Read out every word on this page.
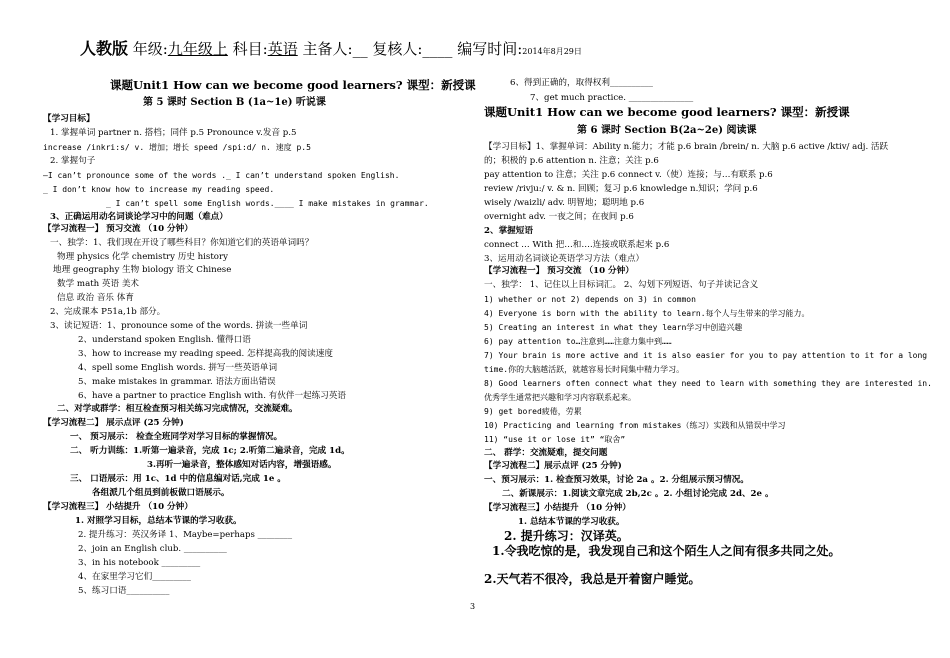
人教版 年级:九年级上 科目:英语 主备人:__ 复核人:____ 编写时间:2014年8月29日
课题Unit1 How can we become good learners? 课型：新授课
第 5 课时 Section B (1a~1e) 听说课
【学习目标】
1. 掌握单词 partner n. 搭档；同伴 p.5 Pronounce v.发音 p.5
increase /inkri:s/ v. 增加；增长 speed /spi:d/ n. 速度 p.5
2. 掌握句子
—I can’t pronounce some of the words ._ I can’t understand spoken English.
_ I don’t know how to increase my reading speed.
_ I can’t spell some English words.____ I make mistakes in grammar.
3、正确运用动名词谈论学习中的问题（难点）
【学习流程一】 预习交流 （10 分钟）
一、独学：1、我们现在开设了哪些科目？你知道它们的英语单词吗？
物理 physics 化学 chemistry 历史 history
地理 geography 生物 biology 语文 Chinese
数学 math 英语 美术
信息 政治 音乐 体育
2、完成课本 P51a,1b 部分。
3、读记短语：1、pronounce some of the words. 拼读一些单词
2、understand spoken English. 懂得口语
3、how to increase my reading speed. 怎样提高我的阅读速度
4、spell some English words. 拼写一些英语单词
5、make mistakes in grammar. 语法方面出错误
6、have a partner to practice English with. 有伙伴一起练习英语
二、对学或群学：相互检查预习相关练习完成情况，交流疑难。
【学习流程二】 展示点评 (25 分钟)
一、 预习展示： 检查全班同学对学习目标的掌握情况。
二、 听力训练：1.听第一遍录音，完成 1c; 2.听第二遍录音，完成 1d。
3.再听一遍录音，整体感知对话内容，增强语感。
三、 口语展示：用 1c、1d 中的信息编对话,完成 1e 。
各组派几个组员到前板做口语展示。
【学习流程三】 小结提升 （10 分钟）
1. 对照学习目标，总结本节课的学习收获。
2. 提升练习：英汉务译 1、Maybe=perhaps ________
2、join an English club. __________
3、in his notebook _________
4、在家里学习它们_________
5、练习口语__________
6、得到正确的，取得权利__________
7、get much practice. _______________
课题Unit1 How can we become good learners? 课型：新授课
第 6 课时 Section B(2a~2e) 阅读课
【学习目标】1、掌握单词：Ability n.能力；才能 p.6 brain /brein/ n. 大脑 p.6 active /ktiv/ adj. 活跃
的；积极的 p.6 attention n. 注意；关注 p.6
pay attention to 注意；关注 p.6 connect v.（使）连接；与…有联系 p.6
review /rivju:/ v. & n. 回顾；复习 p.6 knowledge n.知识；学问 p.6
wisely /waizli/ adv. 明智地；聪明地 p.6
overnight adv. 一夜之间；在夜间 p.6
2、掌握短语
connect … With 把…和….连接或联系起来 p.6
3、运用动名词谈论英语学习方法（难点）
【学习流程一】 预习交流 （10 分钟）
一、独学： 1、记住以上目标词汇。 2、勾划下列短语、句子并读记含义
1) whether or not 2) depends on 3) in common
4) Everyone is born with the ability to learn.每个人与生带来的学习能力。
5) Creating an interest in what they learn学习中创造兴趣
6) pay attention to…注意到……注意力集中到……
7) Your brain is more active and it is also easier for you to pay attention to it for a long
time.你的大脑越活跃，就越容易长时间集中精力学习。
8) Good learners often connect what they need to learn with something they are interested in.
优秀学生通常把兴趣和学习内容联系起来。
9) get bored疲倦，劳累
10) Practicing and learning from mistakes（练习）实践和从错误中学习
11) “use it or lose it” “取舍”
二、 群学：交流疑难，提交问题
【学习流程二】展示点评 (25 分钟)
一、预习展示：1. 检查预习效果，讨论 2a 。2. 分组展示预习情况。
二、新课展示：1.阅读文章完成 2b,2c 。2. 小组讨论完成 2d、2e 。
【学习流程三】小结提升 （10 分钟）
1. 总结本节课的学习收获。
2. 提升练习：汉译英。
1.令我吃惊的是，我发现自己和这个陌生人之间有很多共同之处。
2.天气若不很冷，我总是开着窗户睡觉。
3
